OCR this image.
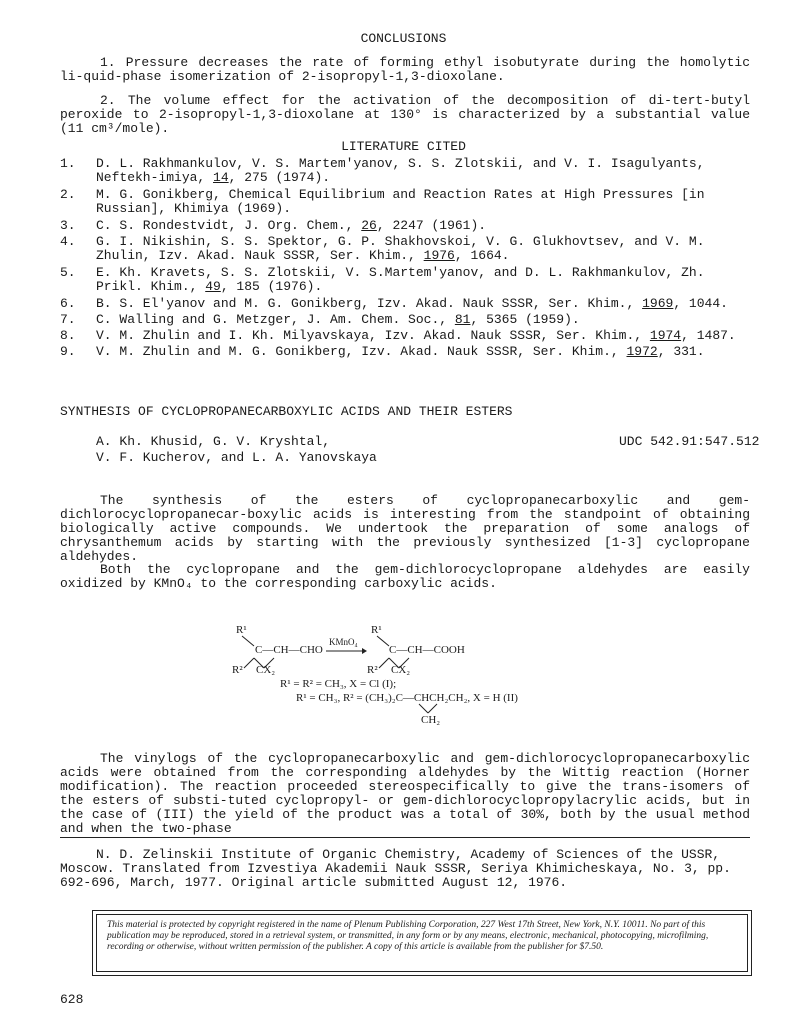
CONCLUSIONS
1. Pressure decreases the rate of forming ethyl isobutyrate during the homolytic li-quid-phase isomerization of 2-isopropyl-1,3-dioxolane.
2. The volume effect for the activation of the decomposition of di-tert-butyl peroxide to 2-isopropyl-1,3-dioxolane at 130° is characterized by a substantial value (11 cm³/mole).
LITERATURE CITED
1.	D. L. Rakhmankulov, V. S. Martem'yanov, S. S. Zlotskii, and V. I. Isagulyants, Neftekh-imiya, 14, 275 (1974).
2.	M. G. Gonikberg, Chemical Equilibrium and Reaction Rates at High Pressures [in Russian], Khimiya (1969).
3.	C. S. Rondestvidt, J. Org. Chem., 26, 2247 (1961).
4.	G. I. Nikishin, S. S. Spektor, G. P. Shakhovskoi, V. G. Glukhovtsev, and V. M. Zhulin, Izv. Akad. Nauk SSSR, Ser. Khim., 1976, 1664.
5.	E. Kh. Kravets, S. S. Zlotskii, V. S.Martem'yanov, and D. L. Rakhmankulov, Zh. Prikl. Khim., 49, 185 (1976).
6.	B. S. El'yanov and M. G. Gonikberg, Izv. Akad. Nauk SSSR, Ser. Khim., 1969, 1044.
7.	C. Walling and G. Metzger, J. Am. Chem. Soc., 81, 5365 (1959).
8.	V. M. Zhulin and I. Kh. Milyavskaya, Izv. Akad. Nauk SSSR, Ser. Khim., 1974, 1487.
9.	V. M. Zhulin and M. G. Gonikberg, Izv. Akad. Nauk SSSR, Ser. Khim., 1972, 331.
SYNTHESIS OF CYCLOPROPANECARBOXYLIC ACIDS AND THEIR ESTERS
A. Kh. Khusid, G. V. Kryshtal,
V. F. Kucherov, and L. A. Yanovskaya
UDC 542.91:547.512
The synthesis of the esters of cyclopropanecarboxylic and gem-dichlorocyclopropanecar-boxylic acids is interesting from the standpoint of obtaining biologically active compounds. We undertook the preparation of some analogs of chrysanthemum acids by starting with the previously synthesized [1-3] cyclopropane aldehydes.
Both the cyclopropane and the gem-dichlorocyclopropane aldehydes are easily oxidized by KMnO₄ to the corresponding carboxylic acids.
R¹	R¹
C—CH—CHO
KMnO₄
C—CH—COOH
R² CX₂	R² CX₂
R¹ = R² = CH₃, X = Cl (I);
R¹ = CH₃, R² = (CH₃)₂C—CHCH₂CH₂, X = H (II)
CH₂
The vinylogs of the cyclopropanecarboxylic and gem-dichlorocyclopropanecarboxylic acids were obtained from the corresponding aldehydes by the Wittig reaction (Horner modification). The reaction proceeded stereospecifically to give the trans-isomers of the esters of substi-tuted cyclopropyl- or gem-dichlorocyclopropylacrylic acids, but in the case of (III) the yield of the product was a total of 30%, both by the usual method and when the two-phase
N. D. Zelinskii Institute of Organic Chemistry, Academy of Sciences of the USSR, Moscow. Translated from Izvestiya Akademii Nauk SSSR, Seriya Khimicheskaya, No. 3, pp. 692-696, March, 1977. Original article submitted August 12, 1976.
This material is protected by copyright registered in the name of Plenum Publishing Corporation, 227 West 17th Street, New York, N.Y. 10011. No part of this publication may be reproduced, stored in a retrieval system, or transmitted, in any form or by any means, electronic, mechanical, photocopying, microfilming, recording or otherwise, without written permission of the publisher. A copy of this article is available from the publisher for $7.50.
628
